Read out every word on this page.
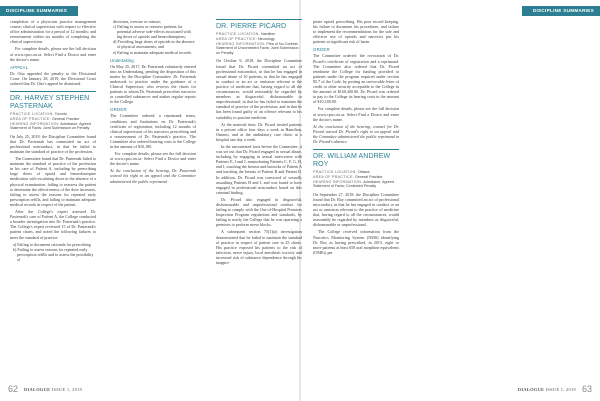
DISCIPLINE SUMMARIES	DISCIPLINE SUMMARIES

completion of a physician practice management course; clinical supervision with respect to effective office administration for a period of 12 months; and reassessment within six months of completing the clinical supervision.

For complete details, please see the full decision at www.cpso.on.ca. Select Find a Doctor and enter the doctor's name.

APPEAL

Dr. Otto appealed the penalty to the Divisional Court. On January 28, 2019, the Divisional Court ordered that Dr. Otto's appeal be dismissed.

DR. HARVEY STEPHEN PASTERNAK
PRACTICE LOCATION: Toronto
AREA OF PRACTICE: General Practice
HEARING INFORMATION: Admission; Agreed Statement of Facts; Joint Submission on Penalty

On July 25, 2018, the Discipline Committee found that Dr. Pasternak has committed an act of professional misconduct, in that he failed to maintain the standard of practice of the profession.

The Committee found that Dr. Pasternak failed to maintain the standard of practice of the profession in his care of Patient A, including by prescribing large doses of opioid and benzodiazepine medication with escalating doses in the absence of a physical examination, failing to reassess the patient to determine the effectiveness of the dose increases, failing to assess the reasons for repeated early prescription refills, and failing to maintain adequate medical records in respect of the patient.

After the College's expert assessed Dr. Pasternak's care of Patient A, the College conducted a broader investigation into Dr. Pasternak's practice. The College's expert reviewed 15 of Dr. Pasternak's patient charts, and noted the following failures to meet the standard of practice:

a) Failing to document rationale for prescribing
b) Failing to assess reasons for repeated early prescription refills and to assess the possibility of
diversion, overuse or misuse;
c) Failing to assess or reassess patients for potential adverse side-effects associated with big doses of opioids and benzodiazepines;
d) Providing large doses of opioids in the absence of physical assessments; and
e) Failing to maintain adequate medical records.
Undertaking

On May 25, 2017, Dr. Pasternak voluntarily entered into an Undertaking, pending the disposition of this matter by the Discipline Committee. Dr. Pasternak undertook to practise under the guidance of a Clinical Supervisor, who reviews the charts for patients to whom Dr. Pasternak prescribes narcotics or controlled substances and makes regular reports to the College.

ORDER

The Committee ordered: a reprimand; terms, conditions and limitations on Dr. Pasternak's certificate of registration, including 12 months of clinical supervision of his narcotics prescribing and a reassessment of Dr. Pasternak's practice. The Committee also ordered hearing costs to the College in the amount of $10,180.

For complete details, please see the full decision at www.cpso.on.ca. Select Find a Doctor and enter the doctor's name.

At the conclusion of the hearing, Dr. Pasternak waived his right to an appeal and the Committee administered the public reprimand.

DR. PIERRE PICARD
PRACTICE LOCATION: Hamilton
AREA OF PRACTICE: Neurology
HEARING INFORMATION: Plea of No Contest; Statement of Uncontested Facts; Joint Submission on Penalty

On October 9, 2018, the Discipline Committee found that Dr. Picard committed an act of professional misconduct, in that he has engaged in sexual abuse of 10 patients; in that he has engaged in conduct or an act or omission relevant to the practice of medicine that, having regard to all the circumstances, would reasonably be regarded by members as disgraceful, dishonourable or unprofessional; in that he has failed to maintain the standard of practice of the profession; and in that he has been found guilty of an offence relevant to his suitability to practise medicine.

At the material time, Dr. Picard treated patients in a private office four days a week in Hamilton, Ontario, and at the ambulatory care clinic at a hospital one day a week.

In the uncontested facts before the Committee, it was set out that Dr. Picard engaged in sexual abuse, including by engaging in sexual intercourse with Patients E, I and J, masturbating Patients C, F, G, H, and I, touching the breasts and buttocks of Patient A and touching the breasts of Patient B and Patient D. In addition, Dr. Picard was convicted of sexually assaulting Patients H and I, and was found to have engaged in professional misconduct based on this criminal finding.

Dr. Picard also engaged in disgraceful, dishonourable and unprofessional conduct for failing to comply with the Out-of-Hospital Premises Inspection Program regulations and standards, by failing to notify the College that he was operating a premises to perform nerve blocks.

A subsequent section 75(1)(a) investigation demonstrated that he failed to maintain the standard of practice in respect of patient care in 25 charts. His practice exposed his patients to the risk of infection, nerve injury, local anesthetic toxicity and increased risk of substance dependence through his inappro-

priate opioid prescribing. His poor record keeping, his failure to document his procedures, and failure to implement the recommendations for the safe and effective use of opioids and narcotics put his patients at significant risk of harm.

ORDER

The Committee ordered: the revocation of Dr. Picard's certificate of registration and a reprimand. The Committee also ordered that Dr. Picard reimburse the College for funding provided to patients under the program required under section 85.7 of the Code, by posting an irrevocable letter of credit or other security acceptable to the College in the amount of $160,400.00. Dr. Picard was ordered to pay to the College its hearing costs in the amount of $10,180.00.

For complete details, please see the full decision at www.cpso.on.ca. Select Find a Doctor and enter the doctor's name.

At the conclusion of the hearing, counsel for Dr. Picard waived Dr. Picard's right to an appeal and the Committee administered the public reprimand in Dr. Picard's absence.

DR. WILLIAM ANDREW ROY
PRACTICE LOCATION: Ottawa
AREA OF PRACTICE: General Practice
HEARING INFORMATION: Admission; Agreed Statement of Facts; Contested Penalty

On September 27, 2018, the Discipline Committee found that Dr. Roy committed an act of professional misconduct, in that he has engaged in conduct or an act or omission relevant to the practice of medicine that, having regard to all the circumstances, would reasonably be regarded by members as disgraceful, dishonourable or unprofessional.

The College received information from the Narcotics Monitoring System (NMS) identifying Dr. Roy as having prescribed, in 2015, eight or more patients at least 650 oral morphine equivalents (OMEs) per

62 DIALOGUE ISSUE 1, 2019	DIALOGUE ISSUE 1, 2019 63
